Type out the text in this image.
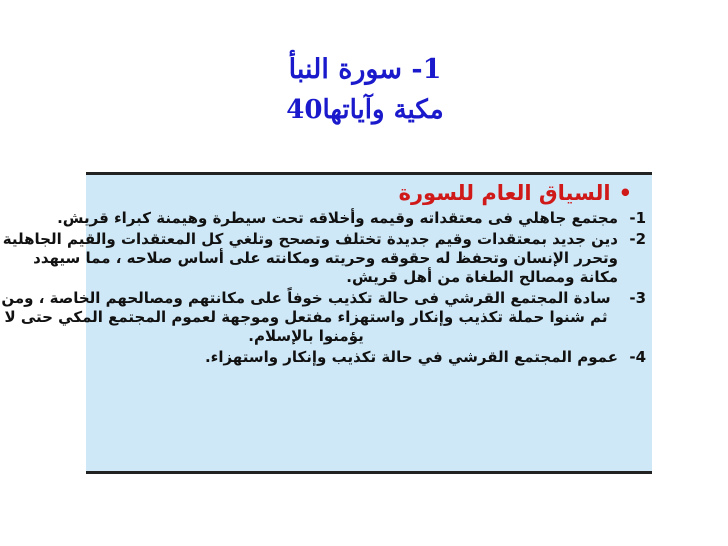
1- سورة النبأ
مكية وآياتها40
•السياق العام للسورة
1-
مجتمع جاهلي فى معتقداته وقيمه وأخلاقه تحت سيطرة وهيمنة كبراء قريش.
2-
دين جديد بمعتقدات وقيم جديدة تختلف وتصحح وتلغي كل المعتقدات والقيم الجاهلية وتحرر الإنسان وتحفظ له حقوقه وحريته ومكانته على أساس صلاحه ، مما سيهدد مكانة ومصالح الطغاة من أهل قريش.
3-
سادة المجتمع القرشي فى حالة تكذيب خوفاً على مكانتهم ومصالحهم الخاصة ، ومن ثم شنوا حملة تكذيب وإنكار واستهزاء مفتعل وموجهة لعموم المجتمع المكي حتى لا يؤمنوا بالإسلام.
4-
عموم المجتمع القرشي في حالة تكذيب وإنكار واستهزاء.
